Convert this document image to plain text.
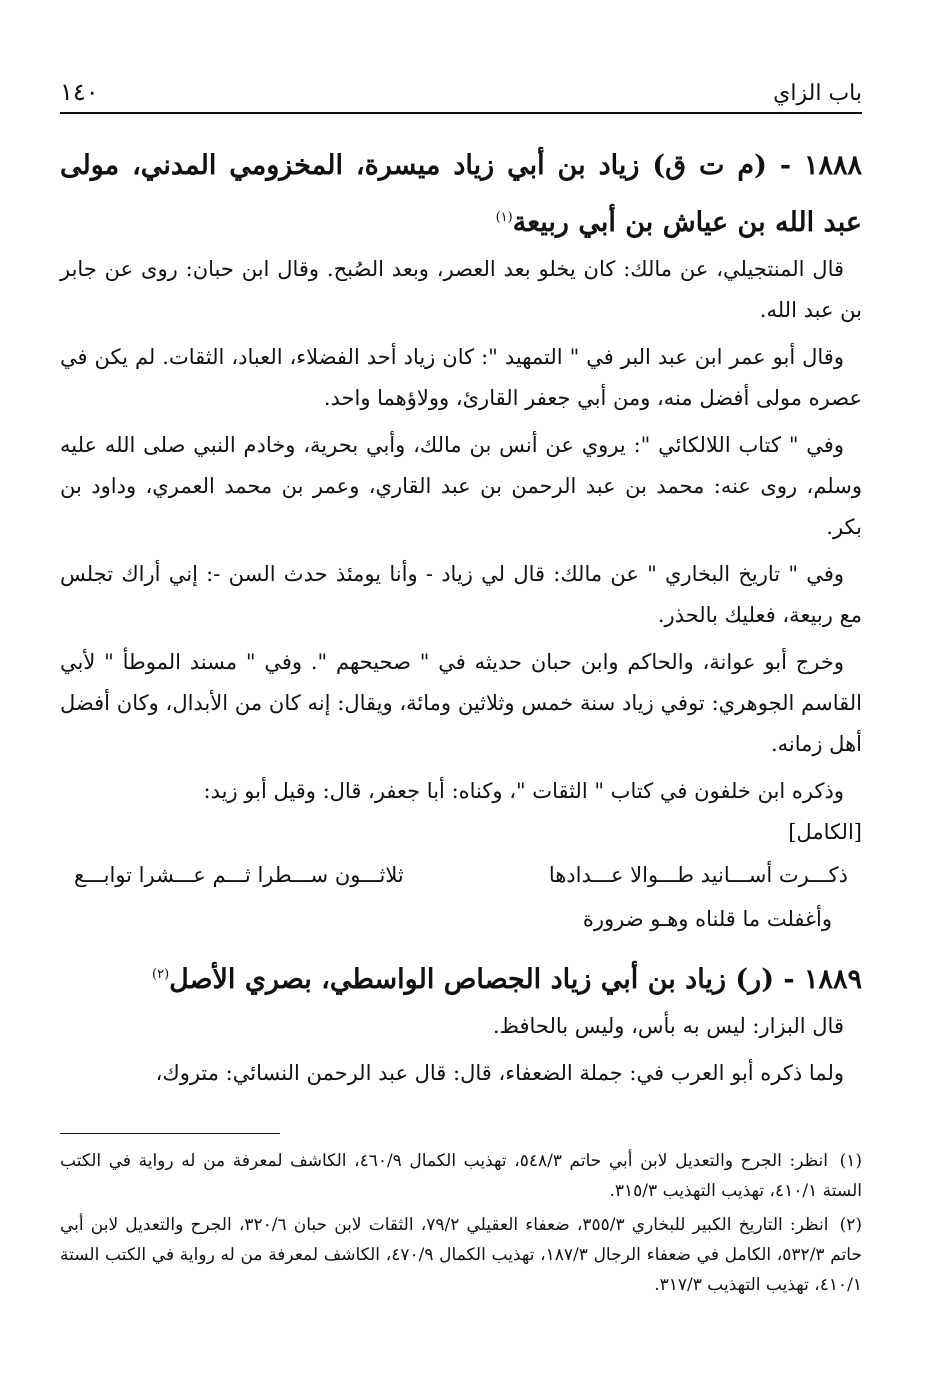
باب الزاي
١٤٠

١٨٨٨ - (م ت ق) زياد بن أبي زياد ميسرة، المخزومي المدني، مولى عبد الله بن عياش بن أبي ربيعة$^{(١)}$

قال المنتجيلي، عن مالك: كان يخلو بعد العصر، وبعد الصُبح. وقال ابن حبان: روى عن جابر بن عبد الله.

وقال أبو عمر ابن عبد البر في " التمهيد ": كان زياد أحد الفضلاء، العباد، الثقات. لم يكن في عصره مولى أفضل منه، ومن أبي جعفر القارئ، وولاؤهما واحد.

وفي " كتاب اللالكائي ": يروي عن أنس بن مالك، وأبي بحرية، وخادم النبي صلى الله عليه وسلم، روى عنه: محمد بن عبد الرحمن بن عبد القاري، وعمر بن محمد العمري، وداود بن بكر.

وفي " تاريخ البخاري " عن مالك: قال لي زياد - وأنا يومئذ حدث السن -: إني أراك تجلس مع ربيعة، فعليك بالحذر.

وخرج أبو عوانة، والحاكم وابن حبان حديثه في " صحيحهم ". وفي " مسند الموطأ " لأبي القاسم الجوهري: توفي زياد سنة خمس وثلاثين ومائة، ويقال: إنه كان من الأبدال، وكان أفضل أهل زمانه.

وذكره ابن خلفون في كتاب " الثقات "، وكناه: أبا جعفر، قال: وقيل أبو زيد:
[الكامل]

ذكـــرت أســـانيد طـــوالا عـــدادها
ثلاثـــون ســـطرا ثـــم عـــشرا توابـــع

وأغفلت ما قلناه وهـو ضرورة

١٨٨٩ - (ر) زياد بن أبي زياد الجصاص الواسطي، بصري الأصل$^{(٢)}$

قال البزار: ليس به بأس، وليس بالحافظ.

ولما ذكره أبو العرب في: جملة الضعفاء، قال: قال عبد الرحمن النسائي: متروك،

(١) انظر: الجرح والتعديل لابن أبي حاتم ٥٤٨/٣، تهذيب الكمال ٤٦٠/٩، الكاشف لمعرفة من له رواية في الكتب الستة ٤١٠/١، تهذيب التهذيب ٣١٥/٣.

(٢) انظر: التاريخ الكبير للبخاري ٣٥٥/٣، ضعفاء العقيلي ٧٩/٢، الثقات لابن حبان ٣٢٠/٦، الجرح والتعديل لابن أبي حاتم ٥٣٢/٣، الكامل في ضعفاء الرجال ١٨٧/٣، تهذيب الكمال ٤٧٠/٩، الكاشف لمعرفة من له رواية في الكتب الستة ٤١٠/١، تهذيب التهذيب ٣١٧/٣.
